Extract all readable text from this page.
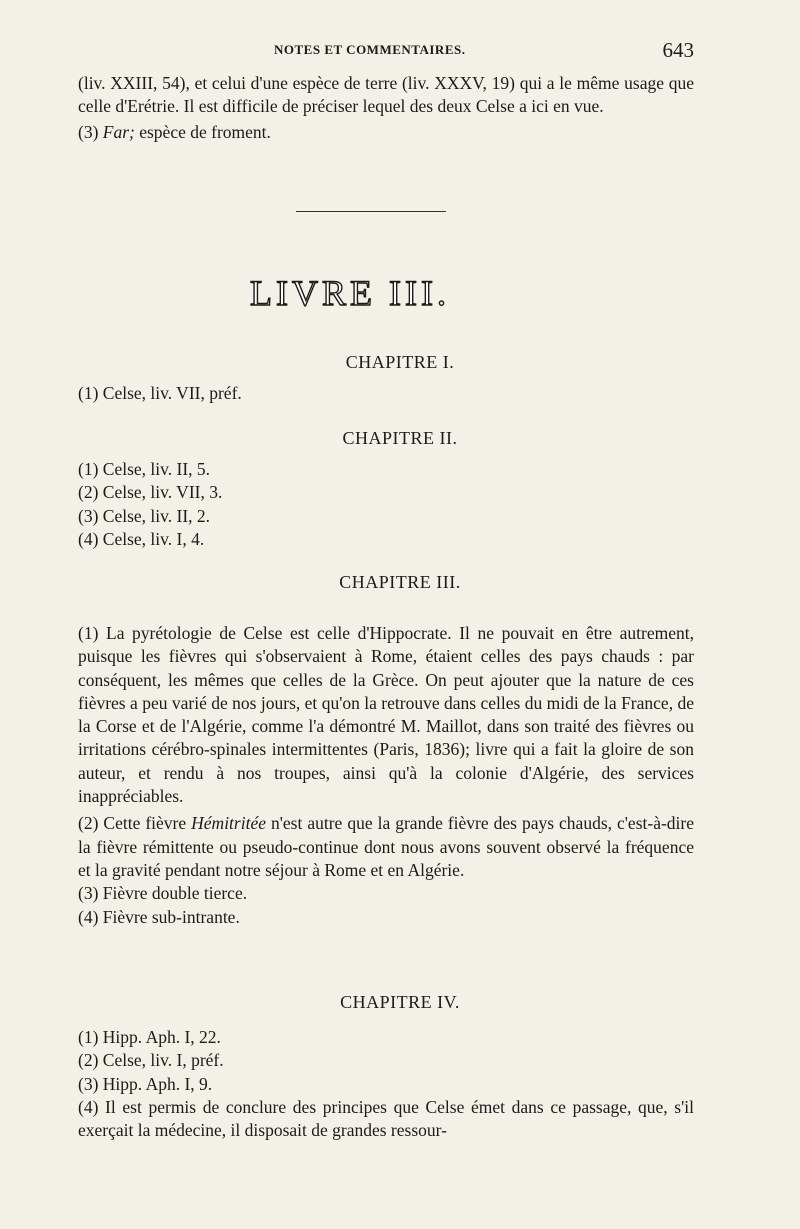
NOTES ET COMMENTAIRES.	643

(liv. XXIII, 54), et celui d'une espèce de terre (liv. XXXV, 19) qui a le même usage que celle d'Erétrie. Il est difficile de préciser lequel des deux Celse a ici en vue.

(3) Far; espèce de froment.

LIVRE III.
CHAPITRE I.

(1) Celse, liv. VII, préf.

CHAPITRE II.

(1) Celse, liv. II, 5.

(2) Celse, liv. VII, 3.

(3) Celse, liv. II, 2.

(4) Celse, liv. I, 4.

CHAPITRE III.

(1) La pyrétologie de Celse est celle d'Hippocrate. Il ne pouvait en être autrement, puisque les fièvres qui s'observaient à Rome, étaient celles des pays chauds : par conséquent, les mêmes que celles de la Grèce. On peut ajouter que la nature de ces fièvres a peu varié de nos jours, et qu'on la retrouve dans celles du midi de la France, de la Corse et de l'Algérie, comme l'a démontré M. Maillot, dans son traité des fièvres ou irritations cérébro-spinales intermittentes (Paris, 1836); livre qui a fait la gloire de son auteur, et rendu à nos troupes, ainsi qu'à la colonie d'Algérie, des services inappréciables.

(2) Cette fièvre Hémitritée n'est autre que la grande fièvre des pays chauds, c'est-à-dire la fièvre rémittente ou pseudo-continue dont nous avons souvent observé la fréquence et la gravité pendant notre séjour à Rome et en Algérie.

(3) Fièvre double tierce.

(4) Fièvre sub-intrante.

CHAPITRE IV.

(1) Hipp. Aph. I, 22.

(2) Celse, liv. I, préf.

(3) Hipp. Aph. I, 9.

(4) Il est permis de conclure des principes que Celse émet dans ce passage, que, s'il exerçait la médecine, il disposait de grandes ressour-
